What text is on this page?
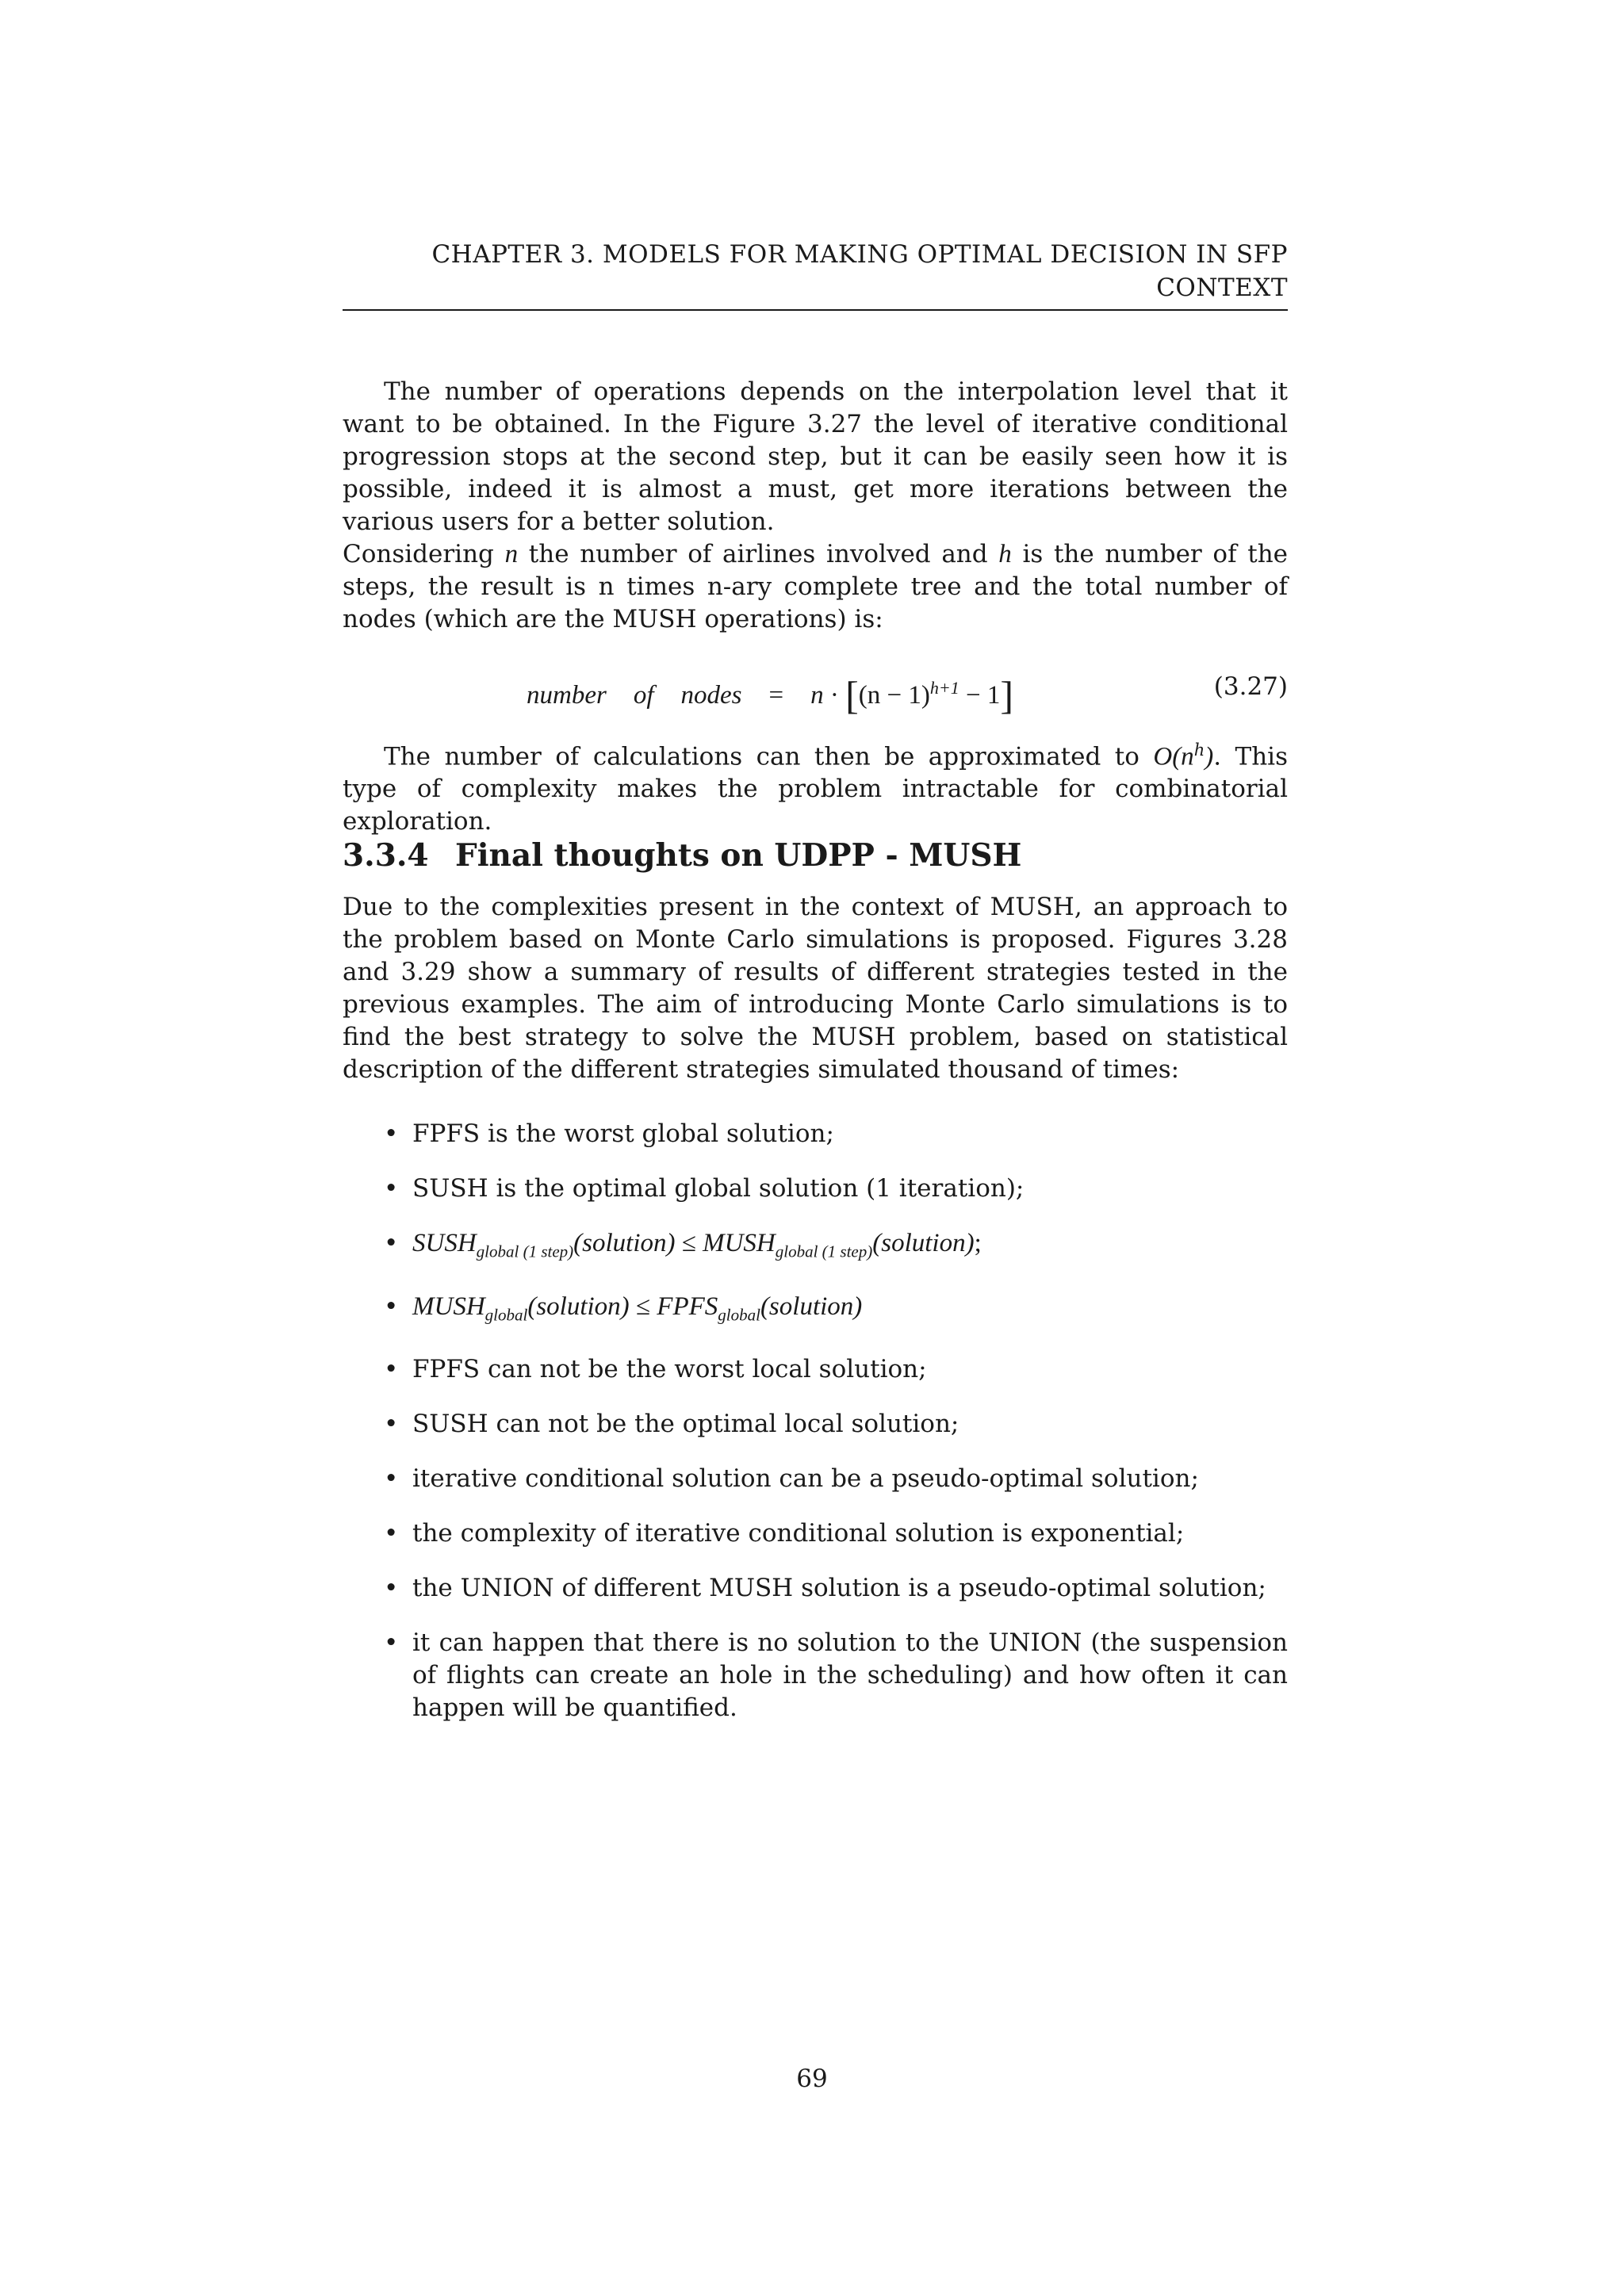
CHAPTER 3. MODELS FOR MAKING OPTIMAL DECISION IN SFP
CONTEXT

The number of operations depends on the interpolation level that it want to be obtained. In the Figure 3.27 the level of iterative conditional progression stops at the second step, but it can be easily seen how it is possible, indeed it is almost a must, get more iterations between the various users for a better solution.

Considering n the number of airlines involved and h is the number of the steps, the result is n times n-ary complete tree and the total number of nodes (which are the MUSH operations) is:

number of nodes = $n \cdot [(n - 1)^{h+1} - 1]$	(3.27)

The number of calculations can then be approximated to $O(n^h)$. This type of complexity makes the problem intractable for combinatorial exploration.

3.3.4 Final thoughts on UDPP - MUSH

Due to the complexities present in the context of MUSH, an approach to the problem based on Monte Carlo simulations is proposed. Figures 3.28 and 3.29 show a summary of results of different strategies tested in the previous examples. The aim of introducing Monte Carlo simulations is to find the best strategy to solve the MUSH problem, based on statistical description of the different strategies simulated thousand of times:

• FPFS is the worst global solution;
• SUSH is the optimal global solution (1 iteration);
• $SUSH_{global (1 step)}(solution)$ ≤ $MUSH_{global (1 step)}(solution)$;
• $MUSH_{global}(solution)$ ≤ $FPFS_{global}(solution)$
• FPFS can not be the worst local solution;
• SUSH can not be the optimal local solution;
• iterative conditional solution can be a pseudo-optimal solution;
• the complexity of iterative conditional solution is exponential;
• the UNION of different MUSH solution is a pseudo-optimal solution;
• it can happen that there is no solution to the UNION (the suspension of flights can create an hole in the scheduling) and how often it can happen will be quantified.
69
